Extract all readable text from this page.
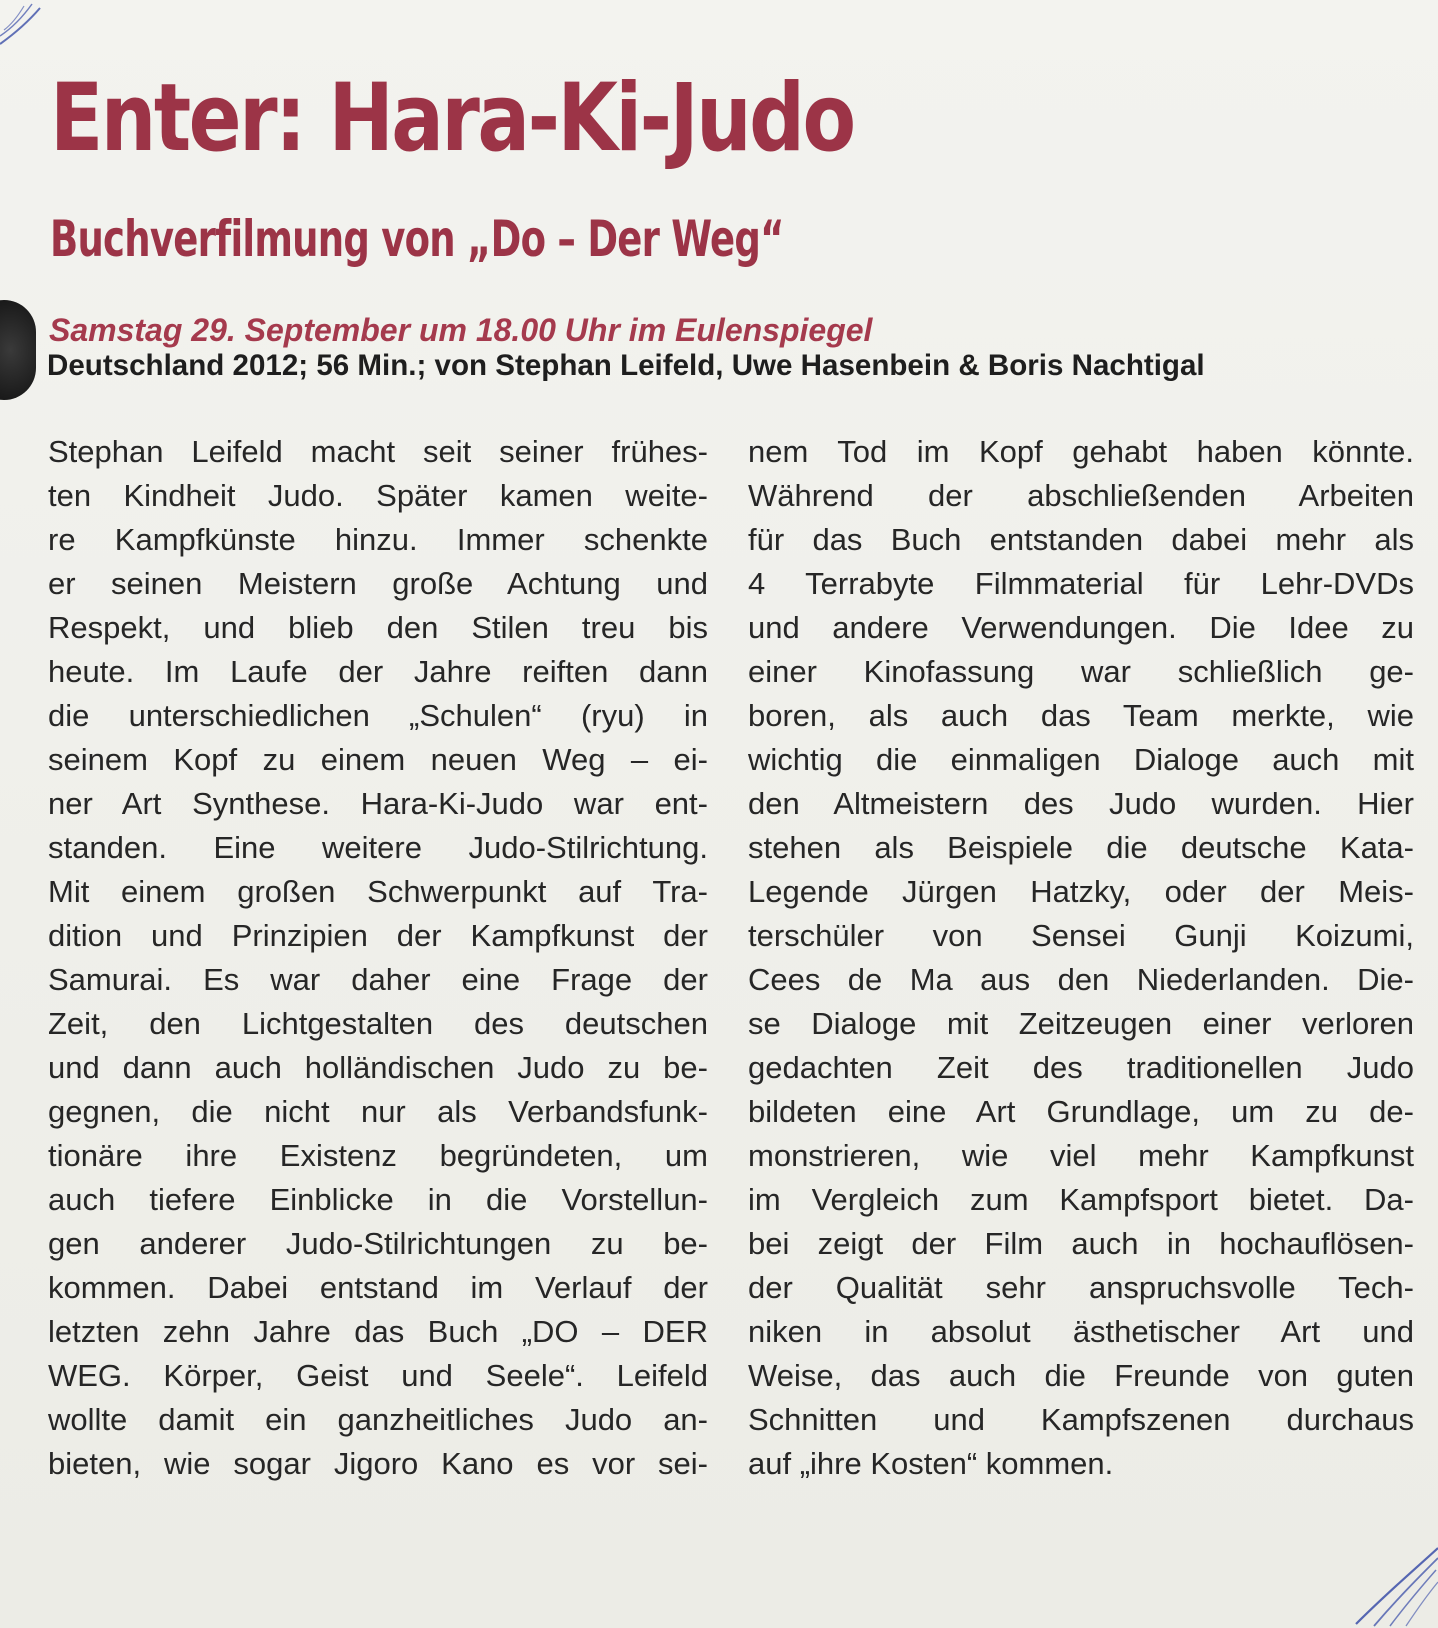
Enter: Hara-Ki-Judo
Buchverfilmung von „Do – Der Weg“
Samstag 29. September um 18.00 Uhr im Eulenspiegel
Deutschland 2012; 56 Min.; von Stephan Leifeld, Uwe Hasenbein & Boris Nachtigal
Stephan Leifeld macht seit seiner frühes-
ten Kindheit Judo. Später kamen weite-
re Kampfkünste hinzu. Immer schenkte
er seinen Meistern große Achtung und
Respekt, und blieb den Stilen treu bis
heute. Im Laufe der Jahre reiften dann
die unterschiedlichen „Schulen“ (ryu) in
seinem Kopf zu einem neuen Weg – ei-
ner Art Synthese. Hara-Ki-Judo war ent-
standen. Eine weitere Judo-Stilrichtung.
Mit einem großen Schwerpunkt auf Tra-
dition und Prinzipien der Kampfkunst der
Samurai. Es war daher eine Frage der
Zeit, den Lichtgestalten des deutschen
und dann auch holländischen Judo zu be-
gegnen, die nicht nur als Verbandsfunk-
tionäre ihre Existenz begründeten, um
auch tiefere Einblicke in die Vorstellun-
gen anderer Judo-Stilrichtungen zu be-
kommen. Dabei entstand im Verlauf der
letzten zehn Jahre das Buch „DO – DER
WEG. Körper, Geist und Seele“. Leifeld
wollte damit ein ganzheitliches Judo an-
bieten, wie sogar Jigoro Kano es vor sei-
nem Tod im Kopf gehabt haben könnte.
Während der abschließenden Arbeiten
für das Buch entstanden dabei mehr als
4 Terrabyte Filmmaterial für Lehr-DVDs
und andere Verwendungen. Die Idee zu
einer Kinofassung war schließlich ge-
boren, als auch das Team merkte, wie
wichtig die einmaligen Dialoge auch mit
den Altmeistern des Judo wurden. Hier
stehen als Beispiele die deutsche Kata-
Legende Jürgen Hatzky, oder der Meis-
terschüler von Sensei Gunji Koizumi,
Cees de Ma aus den Niederlanden. Die-
se Dialoge mit Zeitzeugen einer verloren
gedachten Zeit des traditionellen Judo
bildeten eine Art Grundlage, um zu de-
monstrieren, wie viel mehr Kampfkunst
im Vergleich zum Kampfsport bietet. Da-
bei zeigt der Film auch in hochauflösen-
der Qualität sehr anspruchsvolle Tech-
niken in absolut ästhetischer Art und
Weise, das auch die Freunde von guten
Schnitten und Kampfszenen durchaus
auf „ihre Kosten“ kommen.
